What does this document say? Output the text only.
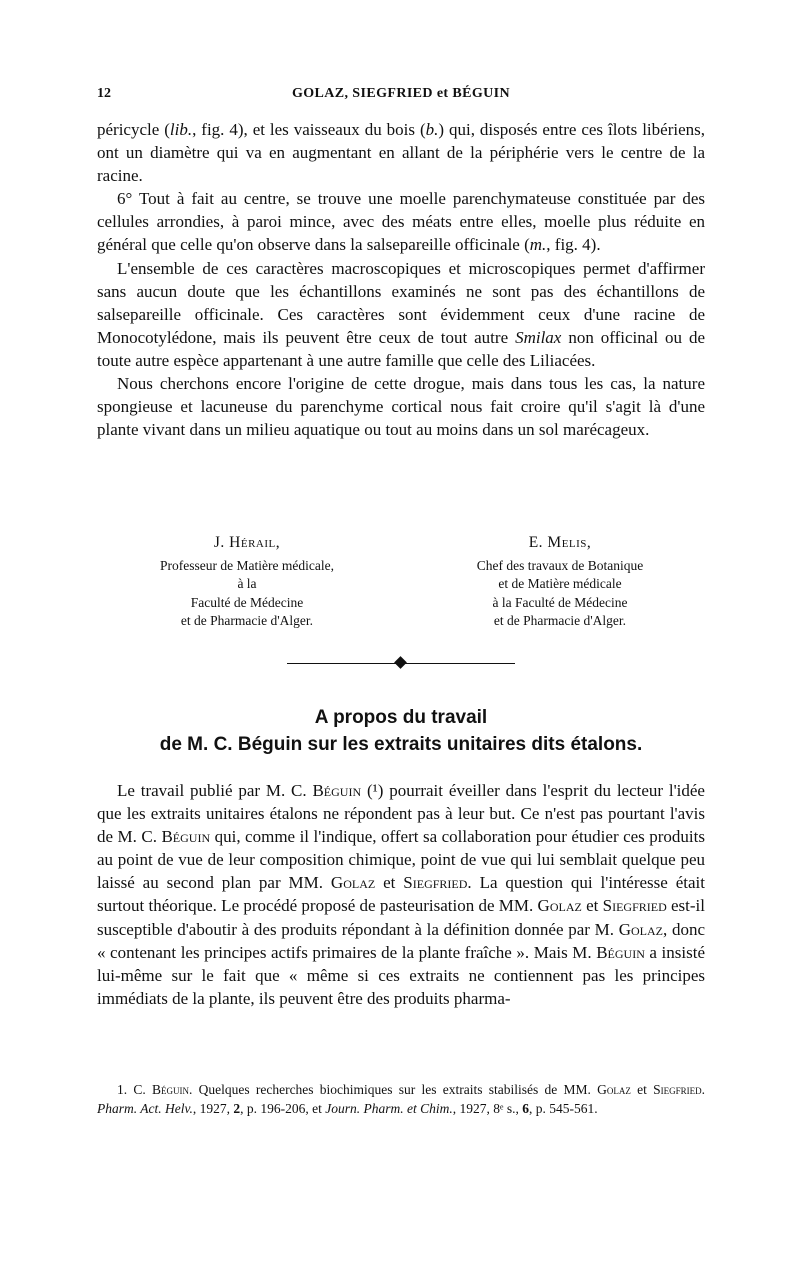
12	GOLAZ, SIEGFRIED et BÉGUIN

péricycle (lib., fig. 4), et les vaisseaux du bois (b.) qui, disposés entre ces îlots libériens, ont un diamètre qui va en augmentant en allant de la périphérie vers le centre de la racine.

6° Tout à fait au centre, se trouve une moelle parenchymateuse constituée par des cellules arrondies, à paroi mince, avec des méats entre elles, moelle plus réduite en général que celle qu'on observe dans la salsepareille officinale (m., fig. 4).

L'ensemble de ces caractères macroscopiques et microscopiques permet d'affirmer sans aucun doute que les échantillons examinés ne sont pas des échantillons de salsepareille officinale. Ces caractères sont évidemment ceux d'une racine de Monocotylédone, mais ils peuvent être ceux de tout autre Smilax non officinal ou de toute autre espèce appartenant à une autre famille que celle des Liliacées.

Nous cherchons encore l'origine de cette drogue, mais dans tous les cas, la nature spongieuse et lacuneuse du parenchyme cortical nous fait croire qu'il s'agit là d'une plante vivant dans un milieu aquatique ou tout au moins dans un sol marécageux.

J. Hérail,
Professeur de Matière médicale,
à la
Faculté de Médecine
et de Pharmacie d'Alger.
E. Melis,
Chef des travaux de Botanique
et de Matière médicale
à la Faculté de Médecine
et de Pharmacie d'Alger.
A propos du travail
de M. C. Béguin sur les extraits unitaires dits étalons.

Le travail publié par M. C. Béguin (¹) pourrait éveiller dans l'esprit du lecteur l'idée que les extraits unitaires étalons ne répondent pas à leur but. Ce n'est pas pourtant l'avis de M. C. Béguin qui, comme il l'indique, offert sa collaboration pour étudier ces produits au point de vue de leur composition chimique, point de vue qui lui semblait quelque peu laissé au second plan par MM. Golaz et Siegfried. La question qui l'intéresse était surtout théorique. Le procédé proposé de pasteurisation de MM. Golaz et Siegfried est-il susceptible d'aboutir à des produits répondant à la définition donnée par M. Golaz, donc « contenant les principes actifs primaires de la plante fraîche ». Mais M. Béguin a insisté lui-même sur le fait que « même si ces extraits ne contiennent pas les principes immédiats de la plante, ils peuvent être des produits pharma-

1. C. Béguin. Quelques recherches biochimiques sur les extraits stabilisés de MM. Golaz et Siegfried. Pharm. Act. Helv., 1927, 2, p. 196-206, et Journ. Pharm. et Chim., 1927, 8ᵉ s., 6, p. 545-561.
